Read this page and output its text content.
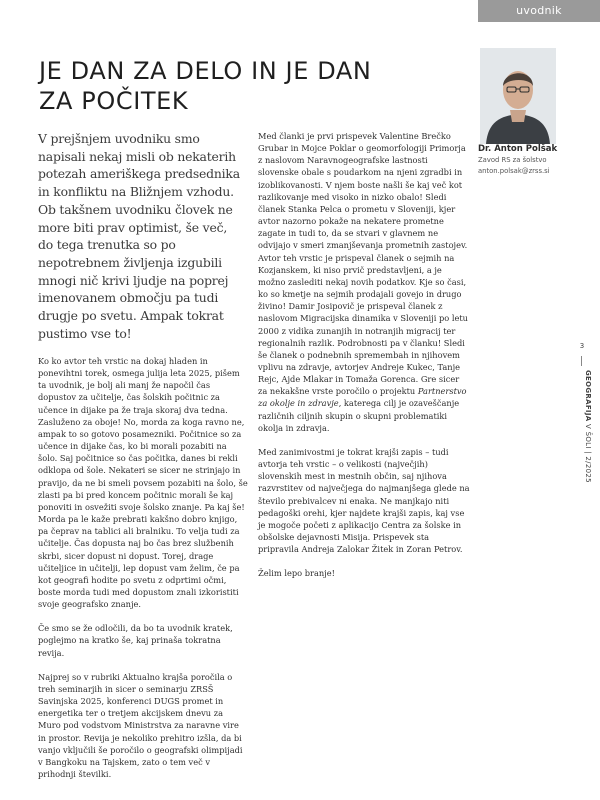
uvodnik
JE DAN ZA DELO IN JE DAN
ZA POČITEK
Dr. Anton Polšak
Zavod RS za šolstvo
anton.polsak@zrss.si

V prejšnjem uvodniku smo napisali nekaj misli ob nekaterih potezah ameriškega predsednika in konfliktu na Bližnjem vzhodu. Ob takšnem uvodniku človek ne more biti prav optimist, še več, do tega trenutka so po nepotrebnem življenja izgubili mnogi nič krivi ljudje na poprej imenovanem območju pa tudi drugje po svetu. Ampak tokrat pustimo vse to!

Ko ko avtor teh vrstic na dokaj hladen in ponevihtni torek, osmega julija leta 2025, pišem ta uvodnik, je bolj ali manj že napočil čas dopustov za učitelje, čas šolskih počitnic za učence in dijake pa že traja skoraj dva tedna. Zasluženo za oboje! No, morda za koga ravno ne, ampak to so gotovo posamezniki. Počitnice so za učence in dijake čas, ko bi morali pozabiti na šolo. Saj počitnice so čas počitka, danes bi rekli odklopa od šole. Nekateri se sicer ne strinjajo in pravijo, da ne bi smeli povsem pozabiti na šolo, še zlasti pa bi pred koncem počitnic morali še kaj ponoviti in osvežiti svoje šolsko znanje. Pa kaj še! Morda pa le kaže prebrati kakšno dobro knjigo, pa čeprav na tablici ali bralniku. To velja tudi za učitelje. Čas dopusta naj bo čas brez službenih skrbi, sicer dopust ni dopust. Torej, drage učiteljice in učitelji, lep dopust vam želim, če pa kot geografi hodite po svetu z odprtimi očmi, boste morda tudi med dopustom znali izkoristiti svoje geografsko znanje.

Če smo se že odločili, da bo ta uvodnik kratek, poglejmo na kratko še, kaj prinaša tokratna revija.

Najprej so v rubriki Aktualno krajša poročila o treh seminarjih in sicer o seminarju ZRSŠ Savinjska 2025, konferenci DUGS promet in energetika ter o tretjem akcijskem dnevu za Muro pod vodstvom Ministrstva za naravne vire in prostor. Revija je nekoliko prehitro izšla, da bi vanjo vključili še poročilo o geografski olimpijadi v Bangkoku na Tajskem, zato o tem več v prihodnji številki.

Med članki je prvi prispevek Valentine Brečko Grubar in Mojce Poklar o geomorfologiji Primorja z naslovom Naravnogeografske lastnosti slovenske obale s poudarkom na njeni zgradbi in izoblikovanosti. V njem boste našli še kaj več kot razlikovanje med visoko in nizko obalo! Sledi članek Stanka Pelca o prometu v Sloveniji, kjer avtor nazorno pokaže na nekatere prometne zagate in tudi to, da se stvari v glavnem ne odvijajo v smeri zmanjševanja prometnih zastojev. Avtor teh vrstic je prispeval članek o sejmih na Kozjanskem, ki niso prvič predstavljeni, a je možno zaslediti nekaj novih podatkov. Kje so časi, ko so kmetje na sejmih prodajali govejo in drugo živino! Damir Josipovič je prispeval članek z naslovom Migracijska dinamika v Sloveniji po letu 2000 z vidika zunanjih in notranjih migracij ter regionalnih razlik. Podrobnosti pa v članku! Sledi še članek o podnebnih spremembah in njihovem vplivu na zdravje, avtorjev Andreje Kukec, Tanje Rejc, Ajde Mlakar in Tomaža Gorenca. Gre sicer za nekakšne vrste poročilo o projektu Partnerstvo za okolje in zdravje, katerega cilj je ozaveščanje različnih ciljnih skupin o skupni problematiki okolja in zdravja.

Med zanimivostmi je tokrat krajši zapis – tudi avtorja teh vrstic – o velikosti (največjih) slovenskih mest in mestnih občin, saj njihova razvrstitev od največjega do najmanjšega glede na število prebivalcev ni enaka. Ne manjkajo niti pedagoški orehi, kjer najdete krajši zapis, kaj vse je mogoče početi z aplikacijo Centra za šolske in obšolske dejavnosti Misija. Prispevek sta pripravila Andreja Zalokar Žitek in Zoran Petrov.

Želim lepo branje!

3
GEOGRAFIJA V ŠOLI | 2/2025
